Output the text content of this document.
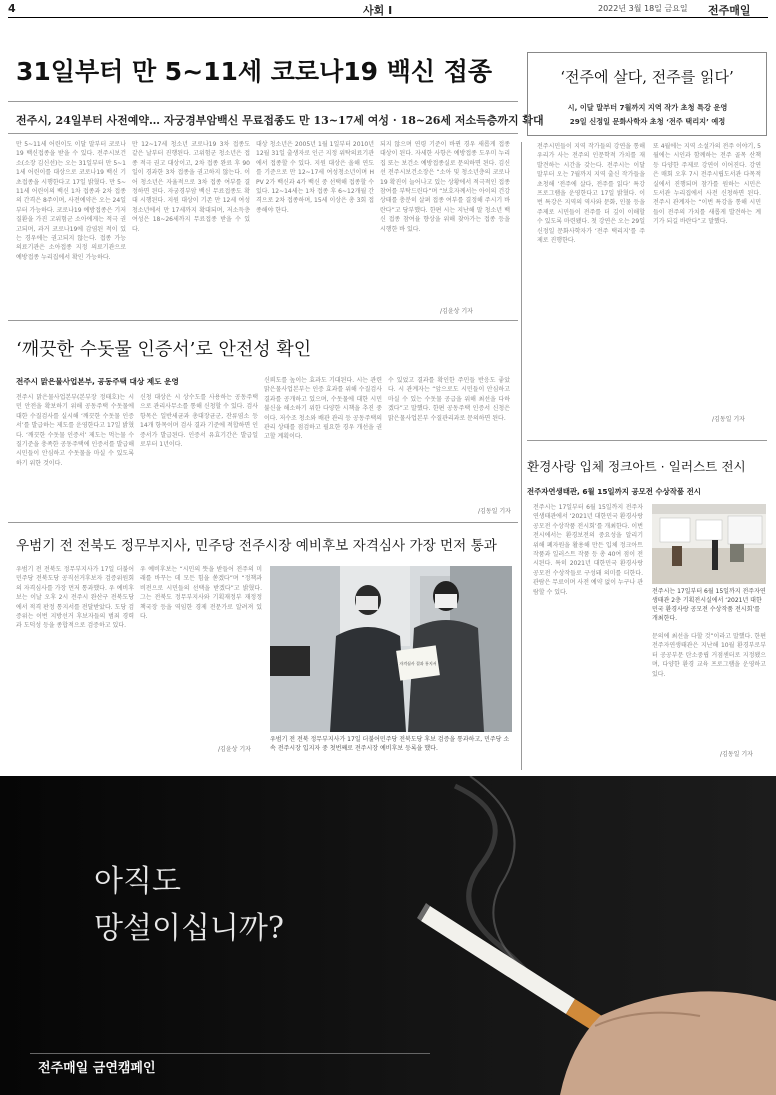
4	사회 I	2022년 3월 18일 금요일 전주매일
31일부터 만 5~11세 코로나19 백신 접종
전주시, 24일부터 사전예약… 자궁경부암백신 무료접종도 만 13~17세 여성 · 18~26세 저소득층까지 확대
만 5~11세 어린이도 이달 말부터 코로나19 백신접종을 받을 수 있다. 전주시보건소(소장 김신선)는 오는 31일부터 만 5~11세 어린이를 대상으로 코로나19 백신 기초접종을 시행한다고 17일 밝혔다. 만 5~11세 어린이의 백신 1차 접종과 2차 접종의 간격은 8주이며, 사전예약은 오는 24일부터 가능하다. 코로나19 예방접종은 기저질환을 가진 고위험군 소아에게는 적극 권고되며, 과거 코로나19에 감염된 적이 있는 경우에는 권고되지 않는다. 접종 가능 의료기관은 소아접종 지정 의료기관으로 예방접종 누리집에서 확인 가능하다.
만 12~17세 청소년 코로나19 3차 접종도 같은 날부터 진행된다. 고위험군 청소년은 접종 적극 권고 대상이고, 2차 접종 완료 후 90일이 경과한 3차 접종을 권고하지 않는다. 이어 청소년은 자율적으로 3차 접종 여부를 결정하면 된다. 자궁경부암 백신 무료접종도 확대 시행된다. 지원 대상이 기존 만 12세 여성청소년에서 만 17세까지 확대되며, 저소득층 여성은 18~26세까지 무료접종 받을 수 있다.
대상 청소년은 2005년 1월 1일부터 2010년 12월 31일 출생자로 인근 지정 위탁의료기관에서 접종할 수 있다. 지원 대상은 올해 연도를 기준으로 만 12~17세 여성청소년이며 HPV 2가 백신과 4가 백신 중 선택해 접종할 수 있다. 12~14세는 1차 접종 후 6~12개월 간격으로 2차 접종하며, 15세 이상은 총 3회 접종해야 한다.
되지 않으며 연령 기준이 바뀐 경우 새롭게 접종 대상이 된다. 자세한 사항은 예방접종 도우미 누리집 또는 보건소 예방접종실로 문의하면 된다. 김신선 전주시보건소장은 “소아 및 청소년층의 코로나19 확진이 늘어나고 있는 상황에서 적극적인 접종 참여를 부탁드린다”며 “보호자께서는 아이의 건강 상태를 충분히 살펴 접종 여부를 결정해 주시기 바란다”고 당부했다. 한편 시는 지난해 말 청소년 백신 접종 참여율 향상을 위해 찾아가는 접종 등을 시행한 바 있다.
/김윤상 기자
‘전주에 살다, 전주를 읽다’
시, 이달 말부터 7월까지 지역 작가 초청 특강 운영
29일 신정일 문화사학자 초청 ‘전주 택리지’ 예정
전주시민들이 지역 작가들의 강연을 통해 우리가 사는 전주의 인문학적 가치를 재발견하는 시간을 갖는다. 전주시는 이달 말부터 오는 7월까지 지역 출신 작가들을 초청해 ‘전주에 살다, 전주를 읽다’ 특강 프로그램을 운영한다고 17일 밝혔다. 이번 특강은 지역의 역사와 문화, 인물 등을 주제로 시민들이 전주를 더 깊이 이해할 수 있도록 마련됐다. 첫 강연은 오는 29일 신정일 문화사학자가 ‘전주 택리지’를 주제로 진행한다.
또 4월에는 지역 소설가의 전주 이야기, 5월에는 시인과 함께하는 전주 골목 산책 등 다양한 주제로 강연이 이어진다. 강연은 매회 오후 7시 전주시립도서관 다목적실에서 진행되며 참가를 원하는 시민은 도서관 누리집에서 사전 신청하면 된다. 전주시 관계자는 “이번 특강을 통해 시민들이 전주의 가치를 새롭게 발견하는 계기가 되길 바란다”고 말했다.
/김동일 기자
‘깨끗한 수돗물 인증서’로 안전성 확인
전주시 맑은물사업본부, 공동주택 대상 제도 운영
전주시 맑은물사업본부(본부장 정태호)는 시민 안전을 확보하기 위해 공동주택 수돗물에 대한 수질검사를 실시해 ‘깨끗한 수돗물 인증서’를 발급하는 제도를 운영한다고 17일 밝혔다. ‘깨끗한 수돗물 인증서’ 제도는 먹는물 수질기준을 충족한 공동주택에 인증서를 발급해 시민들이 안심하고 수돗물을 마실 수 있도록 하기 위한 것이다.
신청 대상은 시 상수도를 사용하는 공동주택으로 관리사무소를 통해 신청할 수 있다. 검사 항목은 일반세균과 총대장균군, 잔류염소 등 14개 항목이며 검사 결과 기준에 적합하면 인증서가 발급된다. 인증서 유효기간은 발급일로부터 1년이다.
신뢰도를 높이는 효과도 기대된다. 시는 관련 맑은물사업본부는 인증 효과를 위해 수질검사 결과를 공개하고 있으며, 수돗물에 대한 시민 불신을 해소하기 위한 다양한 시책을 추진 중이다. 저수조 청소와 배관 관리 등 공동주택의 관리 상태를 점검하고 필요한 경우 개선을 권고할 계획이다.
수 있었고 결과를 확인한 주민들 반응도 좋았다. 시 관계자는 “앞으로도 시민들이 안심하고 마실 수 있는 수돗물 공급을 위해 최선을 다하겠다”고 말했다. 한편 공동주택 인증서 신청은 맑은물사업본부 수질관리과로 문의하면 된다.
/김동일 기자
우범기 전 전북도 정무부지사, 민주당 전주시장 예비후보 자격심사 가장 먼저 통과
우범기 전 전북도 정무부지사가 17일 더불어민주당 전북도당 공직선거후보자 검증위원회의 자격심사를 가장 먼저 통과했다. 우 예비후보는 이날 오후 2시 전주시 완산구 전북도당에서 적격 판정 통지서를 전달받았다. 도당 검증위는 이번 지방선거 후보자들의 범죄 경력과 도덕성 등을 종합적으로 검증하고 있다.
우 예비후보는 “시민의 뜻을 받들어 전주의 미래를 바꾸는 데 모든 힘을 쏟겠다”며 “정책과 비전으로 시민들의 선택을 받겠다”고 밝혔다. 그는 전북도 정무부지사와 기획재정부 재정정책국장 등을 역임한 경제 전문가로 알려져 있다.
/김윤상 기자
자격심사 결과 통지서
우범기 전 전북 정무부지사가 17일 더불어민주당 전북도당 후보 검증을 통과하고, 민주당 소속 전주시장 입지자 중 첫번째로 전주시장 예비후보 등록을 했다.
환경사랑 입체 정크아트 · 일러스트 전시
전주자연생태관, 6월 15일까지 공모전 수상작품 전시
전주시는 17일부터 6월 15일까지 전주자연생태관에서 ‘2021년 대한민국 환경사랑 공모전 수상작품 전시회’를 개최한다. 이번 전시에서는 환경보전의 중요성을 알리기 위해 폐자원을 활용해 만든 입체 정크아트 작품과 일러스트 작품 등 총 40여 점이 전시된다. 특히 2021년 대한민국 환경사랑 공모전 수상작들로 구성돼 의미를 더한다. 관람은 무료이며 사전 예약 없이 누구나 관람할 수 있다.	전주시는 17일부터 6월 15일까지 전주자연생태관 2층 기획전시실에서 ‘2021년 대한민국 환경사랑 공모전 수상작품 전시회’를 개최한다.
문의에 최선을 다할 것”이라고 말했다. 한편 전주자연생태관은 지난해 10월 환경부로부터 공공부문 탄소중립 거점센터로 지정됐으며, 다양한 환경 교육 프로그램을 운영하고 있다.
/김동일 기자
아직도
망설이십니까?
전주매일 금연캠페인
